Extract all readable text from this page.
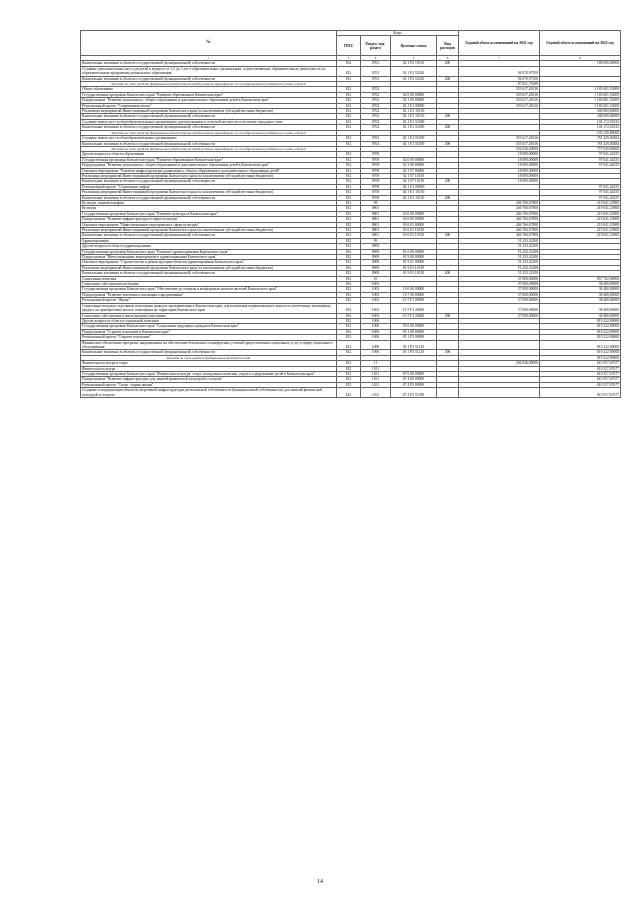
№	Коды				Годовой объем ассигнований на 2021 год	Годовой объем ассигнований на 2022 год
	ГРБС	Раздел, под-раздел	Целевая статья	Вид расходов		
1	3	4	5	6	7	8
Капитальные вложения в объекты государственной (муниципальной) собственности	812	0701	02 1 P2 10130	400		180 000,00000
Создание дополнительных мест для детей в возрасте от 1,5 до 3 лет в образовательных организациях, осуществляющих образовательную деятельность по образовательным программам дошкольного образования	812	0701	02 1 P2 52320		94 070,97350	
Капитальные вложения в объекты государственной (муниципальной) собственности	812	0701	02 1 P2 52320	400	94 070,97350	
Расходы за счет средств федерального бюджета/межбюджетные трансферты из государственного поддержки семьи и детей					87 021,71000	
Общее образование	812	0702			353 617,26316	1 183 601,53009
Государственная программа Камчатского края "Развитие образования в Камчатском крае"	812	0702	02 0 00 00000		353 617,26316	1 183 601,53009
Подпрограмма "Развитие дошкольного, общего образования и дополнительного образования детей в Камчатском крае"	812	0702	02 1 00 00000		353 617,26316	1 183 601,53009
Региональный проект "Современная школа"	812	0702	02 1 E1 00000		353 617,26316	1 183 601,53009
Реализация мероприятий Инвестиционной программы Камчатского края (за исключением субсидий местным бюджетам)	812	0702	02 1 E1 10130			300 000,00000
Капитальные вложения в объекты государственной (муниципальной) собственности	812	0702	02 1 E1 10130	400		300 000,00000
Создание новых мест в общеобразовательных организациях, расположенных в сельской местности и поселках городского типа	812	0702	02 1 E1 52300			104 172,52525
Капитальные вложения в объекты государственной (муниципальной) собственности	812	0702	02 1 E1 52300	400		104 172,52525
Расходы за счет средств федерального бюджета/межбюджетные трансферты из государственного поддержки семьи и детей						103 130,80000
Создание новых мест в общеобразовательных организациях	812	0702	02 1 E1 55200		353 617,26316	781 429,00484
Капитальные вложения в объекты государственной (муниципальной) собственности	812	0702	02 1 E1 55200	400	353 617,26316	781 429,00484
Расходы за счет средств федерального бюджета/межбюджетные трансферты из государственного поддержки семьи и детей					332 036,40000	757 030,00000
Другие вопросы в области образования	812	0709			18 000,00000	97 041,44255
Государственная программа Камчатского края "Развитие образования в Камчатском крае"	812	0709	02 0 00 00000		18 000,00000	97 041,44255
Подпрограмма "Развитие дошкольного, общего образования и дополнительного образования детей в Камчатском крае"	812	0709	02 1 00 00000		18 000,00000	97 041,44255
Основное мероприятие "Развитие инфраструктуры дошкольного, общего образования и дополнительного образования детей"	812	0709	02 1 07 00000		18 000,00000	
Реализация мероприятий Инвестиционной программы Камчатского края (за исключением субсидий местным бюджетам)	812	0709	02 1 07 10130		18 000,00000	
Капитальные вложения в объекты государственной (муниципальной) собственности	812	0709	02 1 07 10130	400	18 000,00000	
Региональный проект "Социальные лифты"	812	0709	02 1 E1 00000			97 041,44255
Реализация мероприятий Инвестиционной программы Камчатского края (за исключением субсидий местным бюджетам)	812	0709	02 1 E1 10130			97 041,44255
Капитальные вложения в объекты государственной (муниципальной) собственности	812	0709	02 1 E1 10130	400		97 041,44255
Культура, кинематография	812	08			446 766,67800	219 041,23900
Культура	812	0801			446 766,67800	219 041,23900
Государственная программа Камчатского края "Развитие культуры в Камчатском крае"	812	0801	03 0 00 00000		446 766,67800	219 041,23900
Подпрограмма "Развитие инфраструктуры в сфере культуры"	812	0801	03 6 00 00000		446 766,67800	219 041,23900
Основное мероприятие "Инвестиционные мероприятия в сфере культуры"	812	0801	03 6 01 00000		446 766,67800	219 041,23900
Реализация мероприятий Инвестиционной программы Камчатского края (за исключением субсидий местным бюджетам)	812	0801	03 6 01 10130		446 766,67800	219 041,23900
Капитальные вложения в объекты государственной (муниципальной) собственности	812	0801	03 6 01 10130	400	446 766,67800	219 041,23900
Здравоохранение	812	09			51 233,32200	
Другие вопросы в области здравоохранения	812	0909			51 233,32200	
Государственная программа Камчатского края "Развитие здравоохранения Камчатского края"	812	0909	01 0 00 00000		51 233,32200	
Подпрограмма "Инвестиционные мероприятия в здравоохранении Камчатского края"	812	0909	01 9 00 00000		51 233,32200	
Основное мероприятие "Строительство и реконструкция объектов здравоохранения Камчатского края"	812	0909	01 9 01 00000		51 233,32200	
Реализация мероприятий Инвестиционной программы Камчатского края (за исключением субсидий местным бюджетам)	812	0909	01 9 01 10130		51 233,32200	
Капитальные вложения в объекты государственной (муниципальной) собственности	812	0909	01 9 01 10130	400	51 233,32200	
Социальная политика	812	10			37 000,00000	857 702,90000
Социальное обеспечение населения	812	1003			37 000,00000	38 480,00000
Государственная программа Камчатского края "Обеспечение доступным и комфортным жильем жителей Камчатского края"	812	1003	10 0 00 00000		37 000,00000	38 480,00000
Подпрограмма "Развитие ипотечного жилищного кредитования"	812	1003	10 7 00 00000		37 000,00000	38 480,00000
Региональный проект "Жилье"	812	1003	10 7 F1 00000		37 000,00000	38 480,00000
Социальные выплаты отдельным категориям граждан, проживающим в Камчатском крае, для погашения первоначального взноса по ипотечному жилищному кредиту на приобретение жилого помещения на территории Камчатского края	812	1003	10 7 F1 20400		37 000,00000	38 480,00000
Социальное обеспечение и иные выплаты населению	812	1003	10 7 F1 20400	300	37 000,00000	38 480,00000
Другие вопросы в области социальной политики	812	1006				819 222,90000
Государственная программа Камчатского края "Социальная поддержка граждан в Камчатском крае"	812	1006	05 0 00 00000			819 222,90000
Подпрограмма "Старшее поколение в Камчатском крае"	812	1006	05 1 00 00000			819 222,90000
Региональный проект "Старшее поколение"	812	1006	05 1 P3 00000			819 222,90000
Финансовое обеспечение программ, направленных на обеспечение безопасных и комфортных условий предоставления социальных услуг в сфере социального обслуживания	812	1006	05 1 P3 51210			819 222,90000
Капитальные вложения в объекты государственной (муниципальной) собственности	812	1006	05 1 P3 51210	400		819 222,90000
Расходы за счет средств федерального бюджета\ вода						819 222,90000
Физическая культура и спорт	812	11			204 026,00000	610 557,67677
Физическая культура	812	1101				610 557,67677
Государственная программа Камчатского края "Физическая культура, спорт, молодежная политика, отдых и оздоровление детей в Камчатском крае"	812	1101	07 0 00 00000			610 557,67677
Подпрограмма "Развитие инфраструктуры для занятий физической культурой и спортом"	812	1101	07 4 00 00000			610 557,67677
Региональный проект "Спорт - норма жизни"	812	1101	07 4 P5 00000			610 557,67677
Создание и модернизация объектов спортивной инфраструктуры региональной собственности (муниципальной собственности) для занятий физической культурой и спортом	812	1101	07 4 P5 51390			610 557,67677
14
